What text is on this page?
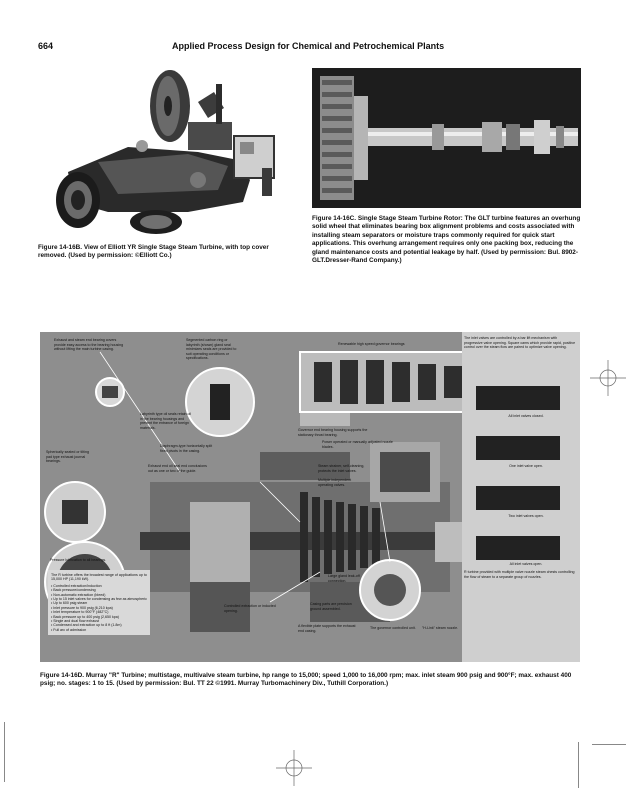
664	Applied Process Design for Chemical and Petrochemical Plants

Figure 14-16B. View of Elliott YR Single Stage Steam Turbine, with top cover removed. (Used by permission: ©Elliott Co.)

Figure 14-16C. Single Stage Steam Turbine Rotor: The GLT turbine features an overhung solid wheel that eliminates bearing box alignment problems and costs associated with installing steam separators or moisture traps commonly required for quick start applications. This overhung arrangement requires only one packing box, reducing the gland maintenance costs and potential leakage by half. (Used by permission: Bul. 8902-GLT.Dresser-Rand Company.)

Exhaust and steam end bearing covers provide easy access to the bearing housing without lifting the main turbine casing.
Segmented carbon ring or labyrinth (shown) gland seal minimizes seals are provided to suit operating conditions or specifications.
Renewable high speed governor bearings
Labyrinth type oil seals retain oil in the bearing housings and prevent the entrance of foreign materials.
Governor end bearing housing supports the stationary thrust bearing.
Diaphragm-type horizontally split fixed pivots in the casing.
Exhaust end oil seal end conclusions out as one or two of the guide.
Power operated or manually adjusted nozzle blades.
Spherically seated or tilting pad type exhaust journal bearings.
Steam strainer, self-cleaning, protects the inlet valves.
Multiple independent operating valves.
Pressure lubrication to all bearings.
Controlled extraction or inducted opening.
Large gland leak-off connection.
Casing parts are precision ground assembled.
A flexible plate supports the exhaust end casing.
The governor controlled unit.	"H-Link" steam nozzle.
R turbine provided with multiple valve nozzle steam chests controlling the flow of steam to a separate group of nozzles.
The inlet valves are controlled by a bar lift mechanism with progressive valve opening. Square cams which provide rapid, positive control over the steam flow are paired to optimize valve opening.
All inlet valves closed.
One inlet valve open.
Two inlet valves open.
All inlet valves open.
The R turbine offers the broadest range of applications up to 15,000 HP (11,190 kW).
• Controlled extraction/induction
• Back pressure/condensing
• Non-automatic extraction (bleed)
• Up to 15 inlet valves for condensing as few as atmospheric
• Up to 600 psig steam
• Inlet pressure to 900 psig (6,210 kpa)
• Inlet temperature to 900°F (482°C)
• Back pressure up to 400 psig (2,650 kpa)
• Single and dual flow exhaust
• Condensed and extraction up to 8 ft (1.8m)
• Full arc of admission

Figure 14-16D. Murray "R" Turbine; multistage, multivalve steam turbine, hp range to 15,000; speed 1,000 to 16,000 rpm; max. inlet steam 900 psig and 900°F; max. exhaust 400 psig; no. stages: 1 to 15. (Used by permission: Bul. TT 22 ©1991. Murray Turbomachinery Div., Tuthill Corporation.)
